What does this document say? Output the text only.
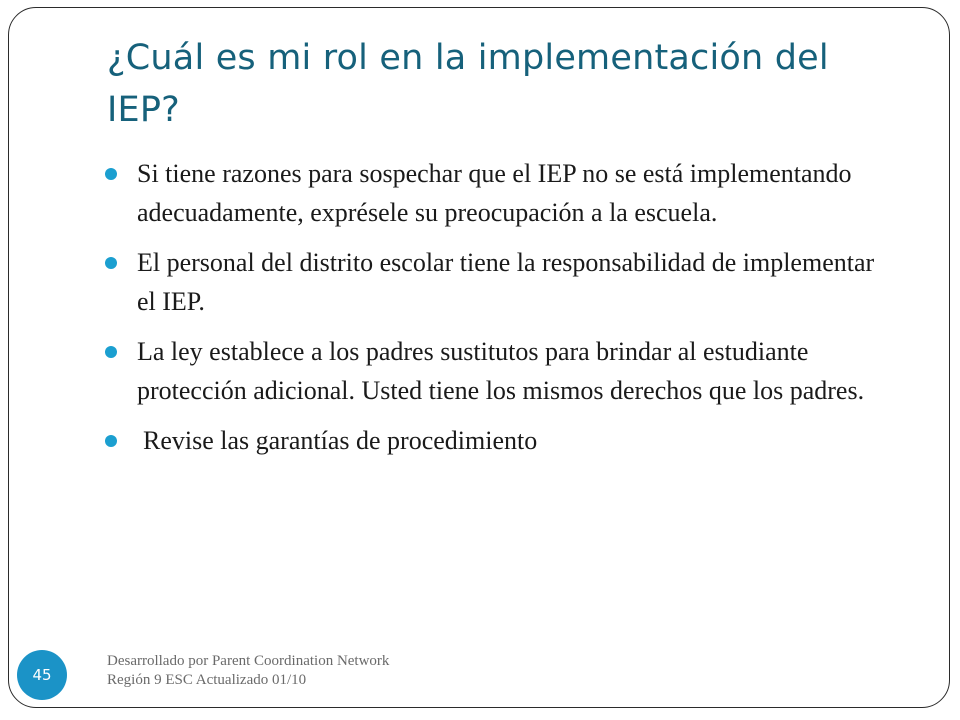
¿Cuál es mi rol en la implementación del IEP?
Si tiene razones para sospechar que el IEP no se está implementando adecuadamente, exprésele su preocupación a la escuela.
El personal del distrito escolar tiene la responsabilidad de implementar el IEP.
La ley establece a los padres sustitutos para brindar al estudiante protección adicional. Usted tiene los mismos derechos que los padres.
Revise las garantías de procedimiento
45
Desarrollado por Parent Coordination Network
Región 9 ESC Actualizado 01/10
